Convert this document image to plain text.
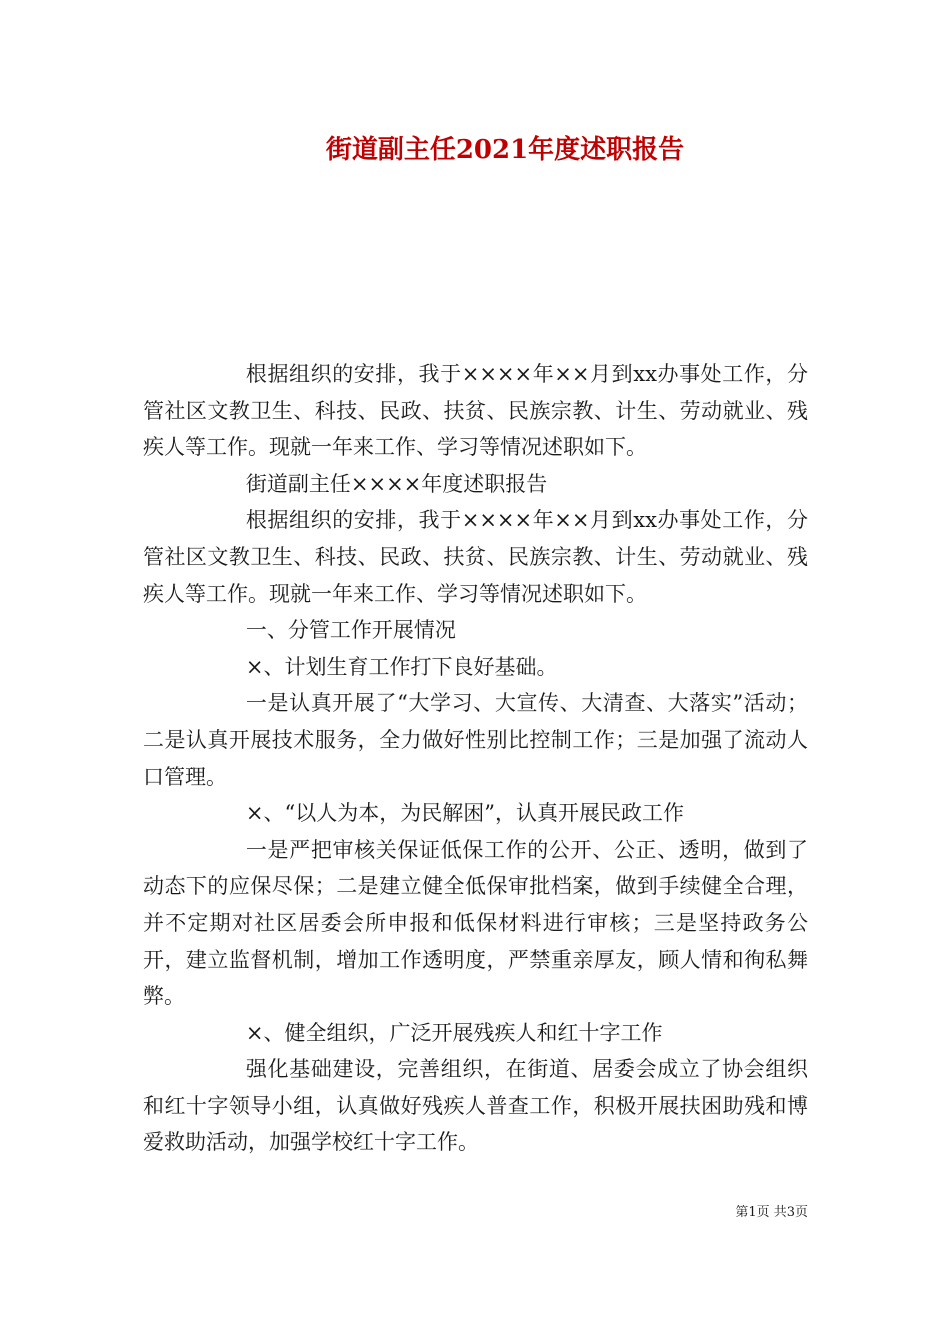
街道副主任2021年度述职报告

根据组织的安排，我于××××年××月到xx办事处工作，分管社区文教卫生、科技、民政、扶贫、民族宗教、计生、劳动就业、残疾人等工作。现就一年来工作、学习等情况述职如下。

街道副主任××××年度述职报告

根据组织的安排，我于××××年××月到xx办事处工作，分管社区文教卫生、科技、民政、扶贫、民族宗教、计生、劳动就业、残疾人等工作。现就一年来工作、学习等情况述职如下。

一、分管工作开展情况

×、计划生育工作打下良好基础。

一是认真开展了“大学习、大宣传、大清查、大落实”活动；二是认真开展技术服务，全力做好性别比控制工作；三是加强了流动人口管理。

×、“以人为本，为民解困”，认真开展民政工作

一是严把审核关保证低保工作的公开、公正、透明，做到了动态下的应保尽保；二是建立健全低保审批档案，做到手续健全合理，并不定期对社区居委会所申报和低保材料进行审核；三是坚持政务公开，建立监督机制，增加工作透明度，严禁重亲厚友，顾人情和徇私舞弊。

×、健全组织，广泛开展残疾人和红十字工作

强化基础建设，完善组织，在街道、居委会成立了协会组织和红十字领导小组，认真做好残疾人普查工作，积极开展扶困助残和博爱救助活动，加强学校红十字工作。

第1页 共3页
